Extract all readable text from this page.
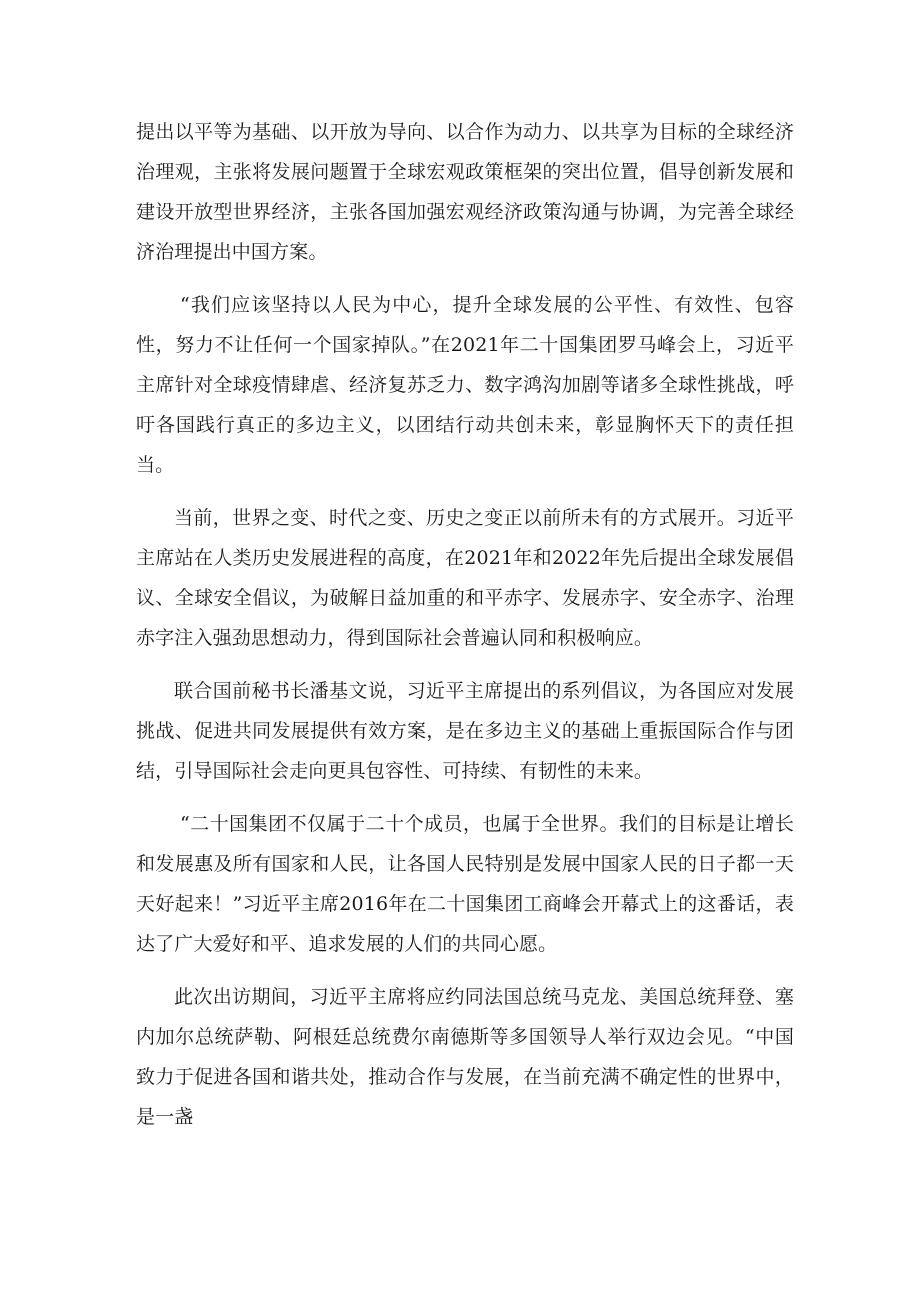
提出以平等为基础、以开放为导向、以合作为动力、以共享为目标的全球经济治理观，主张将发展问题置于全球宏观政策框架的突出位置，倡导创新发展和建设开放型世界经济，主张各国加强宏观经济政策沟通与协调，为完善全球经济治理提出中国方案。

“我们应该坚持以人民为中心，提升全球发展的公平性、有效性、包容性，努力不让任何一个国家掉队。”在2021年二十国集团罗马峰会上，习近平主席针对全球疫情肆虐、经济复苏乏力、数字鸿沟加剧等诸多全球性挑战，呼吁各国践行真正的多边主义，以团结行动共创未来，彰显胸怀天下的责任担当。

当前，世界之变、时代之变、历史之变正以前所未有的方式展开。习近平主席站在人类历史发展进程的高度，在2021年和2022年先后提出全球发展倡议、全球安全倡议，为破解日益加重的和平赤字、发展赤字、安全赤字、治理赤字注入强劲思想动力，得到国际社会普遍认同和积极响应。

联合国前秘书长潘基文说，习近平主席提出的系列倡议，为各国应对发展挑战、促进共同发展提供有效方案，是在多边主义的基础上重振国际合作与团结，引导国际社会走向更具包容性、可持续、有韧性的未来。

“二十国集团不仅属于二十个成员，也属于全世界。我们的目标是让增长和发展惠及所有国家和人民，让各国人民特别是发展中国家人民的日子都一天天好起来！”习近平主席2016年在二十国集团工商峰会开幕式上的这番话，表达了广大爱好和平、追求发展的人们的共同心愿。

此次出访期间，习近平主席将应约同法国总统马克龙、美国总统拜登、塞内加尔总统萨勒、阿根廷总统费尔南德斯等多国领导人举行双边会见。“中国致力于促进各国和谐共处，推动合作与发展，在当前充满不确定性的世界中，是一盏
